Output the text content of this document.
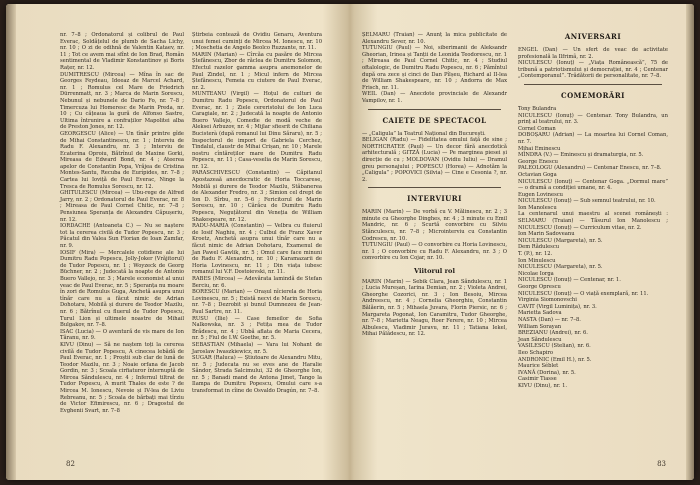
nr. 7–8 ; Ordonatorul și colibrul de Paul Everac, Soldățelul de plumb de Sacha Lichy, nr. 10 ; O zi de odihnă de Valentin Kataev, nr. 11 ; Tot ce avem mai sfînt de Ion Brad, Român sentimental de Vladimir Konstantinov și Boris Rațer, nr. 12.

DUMITRESCU (Mircea) — Mîna în sac de Georges Feydeau, Ideeaz de Marcel Achard, nr. 1 ; Romulus cel Mare de Friedrich Dürrenmatt, nr. 3 ; Marca de Marin Sorescu, Nebunul și nebunele de Dario Fo, nr. 7–8 ; Timercuza lui Homeresc de Marin Preda, nr. 10 ; Cu cățeaua la gură de Alfonso Sastre, Ultima întrunire a confraților Mapolitei alba de Preston Jones, nr. 12.

GEORGESCU (Alice) — Un tînăr printre gîde de Mihai Constantinescu, nr. 1 ; Interviu de Radu F. Alexandru, nr. 3 ; Interviu de Ecaterina Oproiu, Bătrînul de Maxine Gorki, Mireasa de Edward Bond, nr. 4 ; Ateerea apelor de Constantin Popa, Vrăjea de Cristina Montes-Santu, Recuba de Eurípides, nr. 7–8 ; Cartea lui Ioviță de Paul Everac, Ninge la Tresca de Romulus Sorescu, nr. 12.

GHITULESCU (Mircea) — Ubu-rege de Alfred Jarry, nr. 2 ; Ordonatorul de Paul Everac, nr. 8 ; Mireasa de Paul Cornel Chitic, nr. 7–8 ; Pensiunea Speranța de Alexandru Căpușeriu, nr. 12.

IORDACHE (Antoaneta C.) — Nu se naștere tot la cererea civilă de Tudor Popescu, nr. 3 ; Păcatul din Valea Sun Florian de Ioan Zamfar, nr. 9.

IOSIF (Mira) — Mercalele cotidiene ale lui Dumitru Radu Popescu, Jolly-Joker (Vrăjitorul) de Tudor Popescu, nr. 1 ; Woyzeck de Georg Büchner, nr. 2 ; Judecată la noapte de Antonio Buero Vallejo, nr. 3 ; Marele economist al unui veac de Paul Everac, nr. 5 ; Speranța nu moare în zori de Romulus Guga, Anchetă asupra unui tînăr care nu a făcut nimic de Adrian Dohotaru, Mobilă și durere de Teodor Mazilu, nr. 6 ; Bătrînul cu fluerul de Tudor Popescu, Turul Lion și ultimele noastre de Mihail Bulgakov, nr. 7–8.

ISAC (Lucia) — O aventură de vis mare de Ion Tăranu, nr. 9.

KIVU (Dinu) — Să ne naștem toți la cererea civilă de Tudor Popescu, A cinecea lebădă de Paul Everac, nr. 1 ; Proștii sub clar de lună de Teodor Mazilu, nr. 3 ; Noaie orfana de Jacob Gordin, nr. 3 ; Scoala cirfiaturor înternuptă de Mircea Săndulescu, nr. 4 ; Infernul tiltrat de Tudor Popescu, A murit Thales de este ? de Mircea M. Ionescu, Nevoie și IV-lea de Liviu Rebreanu, nr. 5 ; Scoala de bărbați mai tîrziu de Victor Efimirescu, nr. 6 ; Dragostul de Evghenii Svart, nr. 7–8

Știrbeia contează de Ovidiu Genaru, Aventura unui femei cuminți de Mircea M. Ionescu, nr. 10 ; Moschetia de Angelo Beolco Ruzzante, nr. 11.

MARIN (Marian) — Cîrcăa cu pasăre de Mircea Ștefănescu, Zbor de răclea de Dumitru Solomon, Efectul razelor gamma asupra anemonelor de Paul Zindel, nr. 1 ; Micul infern de Mircea Ștefănescu, Femeia cu ciutere de Paul Everac, nr. 2.

MUNTEANU (Virgil) — Hoțul de culturi de Dumitru Radu Popescu, Ordonatorul de Paul Everac, nr. 1 ; Ziele cereristolui de Ion Luca Caragiale, nr. 2 ; Judecată la noapte de Antonio Buero Vallejo, Comedie de modă veche de Aleksei Arbuzov, nr. 4 ; Mijlar sfiesrit de Chiliana Bucisterà (după romanul lui Dinu Săraru), nr. 5 ; Inspectorul de import de Gabriela Cerchez, Tindalul, claustr de Mihai Crișan, nr. 10 ; Marele nostru cîntăreților mare de Dumitru Radu Popescu, nr. 11 ; Casa-veselia de Marin Sorescu, nr. 12.

PARASCHIVESCU (Constantin) — Căpitanul Apostazeaă anecdocratic de Horia Toccarese, Mobilă și durere de Teodor Mazilu, Stăbanerea de Alexander Fredro, nr. 3 ; Simion cel drept de Ion D. Sîrbu, nr. 5–6 ; Fericitorul de Marin Sorescu, nr. 10 ; Cărăcu de Dumitru Radu Popescu, Neguțătorul din Veneția de William Shakespeare, nr. 12.

RADU-MARIA (Constantin) — Velbra cu fluierul de Iosif Naghiu, nr. 4 ; Culbul de Franz Xaver Kroetz, Anchetă asupra unui tînăr care nu a făcut nimic de Adrian Dohotaru, Examenul de Jan Pawel Gawlik, nr. 5 ; Omul care face minuni de Radu F. Alexandru, nr. 10 ; Karamazarii de Horia Lovinescu, nr. 11 ; Din viața iubesc romanul lui V.F. Dostoievski, nr. 11.

RABES (Mircea) — Adevărata lamindă de Stefan Berciu, nr. 6.

BORESCU (Marian) — Orașul nîcierela de Horia Lovinescu, nr. 5 ; Există necvi de Marin Sorescu, nr. 7–8 ; Dezrobit și bunul Dumnezeu de Jean-Paul Sartre, nr. 11.

RUSU (Ilie) — Case femeilor de Sofia Nalkowska, nr. 3 ; Fetița mea de Tudor Brădescu, nr. 4 ; Ubbă aflata de Maria Cecera, nr. 5 ; Fiul de I.W. Goethe, nr. 5.

SEBASTIAN (Mihaela) — Vara lui Nohant de Jaroslaw Iwaszkiewicz, nr. 5.

SUGAR (Raluca) — Știutoare de Alexandru Mitu, nr. 5 ; Judecata nu se eves ane de Haralie Săndor, Strada Salcimului, 32 de Gheorghe Ion, nr. 5 ; Banadi mand de Antona Jimet, Tango la Ilampa de Dumitru Popescu, Omului care s-a transformat in cîine de Osvaldo Dragún, nr. 7–8.

82

ȘELMARU (Traian) — Anunț la mica publicitate de Alexandru Sever, nr. 10.

TUTUNGIU (Paul) — Noi, siberimanii de Aleksandr Gheorian, Irinea și Tanții de Leonida Teodorescu, nr. 1 ; Mireasa de Paul Cornel Chitic, nr. 4 ; Studiul oftalologic, de Dumitru Radu Popescu, nr. 6 ; Pămîntul după ora zece și cinci de Dan Pîlșeu, Richard al II-lea de William Shakespeare, nr. 10 ; Andorra de Max Frisch, nr. 11.

WEIL (Dan) — Anecdote provinciale de Alexandr Vampilov, nr. 1.

CAIETE DE SPECTACOL

— „Caligula” la Teatrul Național din București.

BELIGAN (Radu) — Fidelitatea omului față de sine ; NORTHCRATEE (Paul) — Un decor fără anecdotică arhitecturală ; GITZĂ (Lucia) — Pe marginea piesei și direcție de cu ; MOLDOVAN (Ovidiu Iuliu) — Dramul greu personajului ; POPESCU (Horea) — Adnotăm la „Caligula” ; POPOVICI (Silvia) — Cine e Cesonia ?, nr. 2.

INTERVIURI

MARIN (Marin) — De vorbă cu V. Mălinescu, nr. 2 ; 3 minute cu Gheorghe Dinghes, nr. 4 ; 3 minute cu Emil Mandric, nr. 6 ; Scurtă convorbire cu Silviu Stănculescu, nr. 7–8 ; Microinterviu cu Constantin Codrescu, nr. 10.

TUTUNGIU (Paul) — O convorbire cu Horia Lovinescu, nr. 1 ; O convorbire cu Radu F. Alexandru, nr. 3 ; O convorbire cu Ion Cojar, nr. 10.

Viitorul rol

MARIN (Marin) — Sebik Clara, Jean Săndulescu, nr. 1 ; Lucia Mureșan, Iarina Demian, nr. 2 ; Violeta Andrei, Gheorghe Cozorici, nr. 3 ; Ion Besoiu, Mircea Andreescu, nr. 4 ; Cornelia Gheorghiu, Constantin Bălăerin, nr. 5 ; Mihaela Juvara, Florin Piersic, nr. 6 ; Margareta Pogonat, Ion Caramitru, Tudor Gheorghe, nr. 7–8 ; Marietta Neagu, Roer Ferere, nr. 10 ; Mircea Albulescu, Vladimir Juravu, nr. 11 ; Tatiana Iekel, Mihai Pălădescu, nr. 12.

ANIVERSARI

ENGEL (Dan) — Un sfert de veac de activitate profesională la Ilfrimã, nr. 2.

NICULESCU (Ionuț) — „Viața Românească”, 75 de tribună a patriotismului și democrației, nr. 4 ; Centenar „Contemporanul”. Trădătorii de personalitate, nr. 7–8.

COMEMORĂRI

Tony Bulandra

NICULESCU (Ionuț) — Centenar. Tony Bulandra, un prinț al teatrului, nr. 3.

Cornel Coman

DOBOȘARU (Adrian) — La moartea lui Cornel Coman, nr. 7.

Mihai Eminescu

MÎNDRA (V.) — Eminescu și dramaturgia, nr. 5.

George Enescu

PALEOLOGU (Alexandru) — Centenar Enescu, nr. 7–8.

Octavian Goga

NICULESCU (Ionuț) — Centenar Goga. „Dormul mare” — o dramă a condiției umane, nr. 4.

Eugen Lovinescu

NICULESCU (Ionuț) — Sub semnul teatrului, nr. 10.

Ion Manolescu

La centenarul unui maestru al scenei românești : SELMARU (Traian) — Tăsurul Ion Manolescu ; NICULESCU (Ionuț) — Curriculum vitae, nr. 2.

Ion Marin Sadoveanu

NICULESCU (Margareta), nr. 5.

Dem Rădulescu

T. (P.), nr. 12.

Ion Minulescu

NICULESCU (Margareta), nr. 5.

Nicolae Iorga

NICULESCU (Ionuț) — Centenar, nr. 1.

George Oprescu

NICULESCU (Ionuț) — O viață exemplară, nr. 11.

Virginia Siomonovschi

CAVIT (Virgil Luminița), nr. 3.

Marietta Sadova

NASTA (Dan) — nr. 7–8.

William Sorayan

BREZIANU (Andrei), nr. 6.

Jean Săndulescu

VASILESCU (Stelian), nr. 6.

Ileo Schapiro

ANDRONIC (Emil H.), nr. 5.

Maurice Séblet

IVANĂ (Dorina), nr. 5.

Casimir Tiasse

KIVU (Dinu), nr. 1.

83
